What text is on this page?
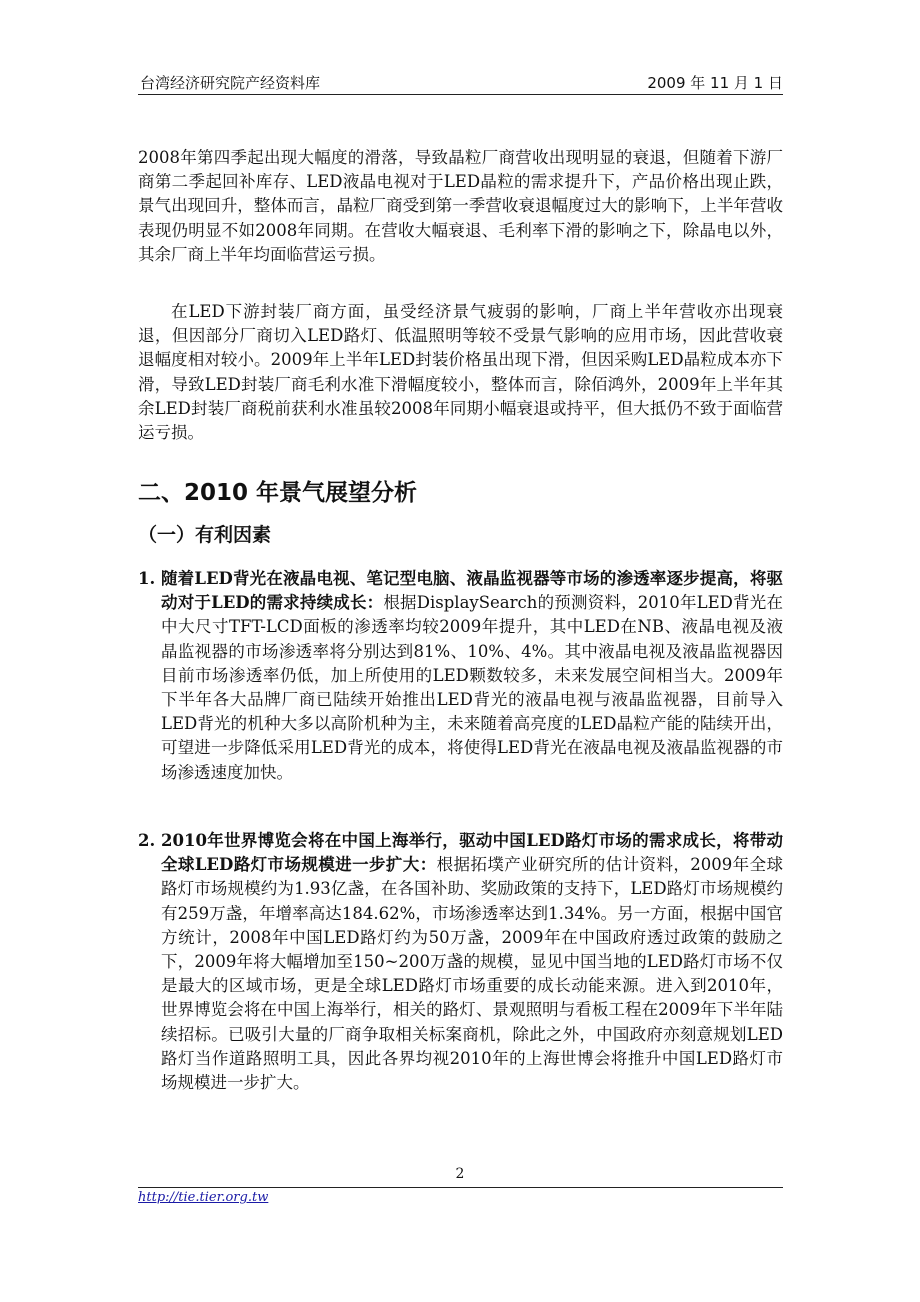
台湾经济研究院产经资料库	2009 年 11 月 1 日

2008年第四季起出现大幅度的滑落，导致晶粒厂商营收出现明显的衰退，但随着下游厂商第二季起回补库存、LED液晶电视对于LED晶粒的需求提升下，产品价格出现止跌，景气出现回升，整体而言，晶粒厂商受到第一季营收衰退幅度过大的影响下，上半年营收表现仍明显不如2008年同期。在营收大幅衰退、毛利率下滑的影响之下，除晶电以外，其余厂商上半年均面临营运亏损。

在LED下游封装厂商方面，虽受经济景气疲弱的影响，厂商上半年营收亦出现衰退，但因部分厂商切入LED路灯、低温照明等较不受景气影响的应用市场，因此营收衰退幅度相对较小。2009年上半年LED封装价格虽出现下滑，但因采购LED晶粒成本亦下滑，导致LED封装厂商毛利水准下滑幅度较小，整体而言，除佰鸿外，2009年上半年其余LED封装厂商税前获利水准虽较2008年同期小幅衰退或持平，但大抵仍不致于面临营运亏损。

二、2010 年景气展望分析
（一）有利因素
1. 随着LED背光在液晶电视、笔记型电脑、液晶监视器等市场的渗透率逐步提高，将驱动对于LED的需求持续成长：根据DisplaySearch的预测资料，2010年LED背光在中大尺寸TFT-LCD面板的渗透率均较2009年提升，其中LED在NB、液晶电视及液晶监视器的市场渗透率将分别达到81%、10%、4%。其中液晶电视及液晶监视器因目前市场渗透率仍低，加上所使用的LED颗数较多，未来发展空间相当大。2009年下半年各大品牌厂商已陆续开始推出LED背光的液晶电视与液晶监视器，目前导入LED背光的机种大多以高阶机种为主，未来随着高亮度的LED晶粒产能的陆续开出，可望进一步降低采用LED背光的成本，将使得LED背光在液晶电视及液晶监视器的市场渗透速度加快。
2. 2010年世界博览会将在中国上海举行，驱动中国LED路灯市场的需求成长，将带动全球LED路灯市场规模进一步扩大：根据拓墣产业研究所的估计资料，2009年全球路灯市场规模约为1.93亿盏，在各国补助、奖励政策的支持下，LED路灯市场规模约有259万盏，年增率高达184.62%，市场渗透率达到1.34%。另一方面，根据中国官方统计，2008年中国LED路灯约为50万盏，2009年在中国政府透过政策的鼓励之下，2009年将大幅增加至150~200万盏的规模，显见中国当地的LED路灯市场不仅是最大的区域市场，更是全球LED路灯市场重要的成长动能来源。进入到2010年，世界博览会将在中国上海举行，相关的路灯、景观照明与看板工程在2009年下半年陆续招标。已吸引大量的厂商争取相关标案商机，除此之外，中国政府亦刻意规划LED路灯当作道路照明工具，因此各界均视2010年的上海世博会将推升中国LED路灯市场规模进一步扩大。
2
http://tie.tier.org.tw
